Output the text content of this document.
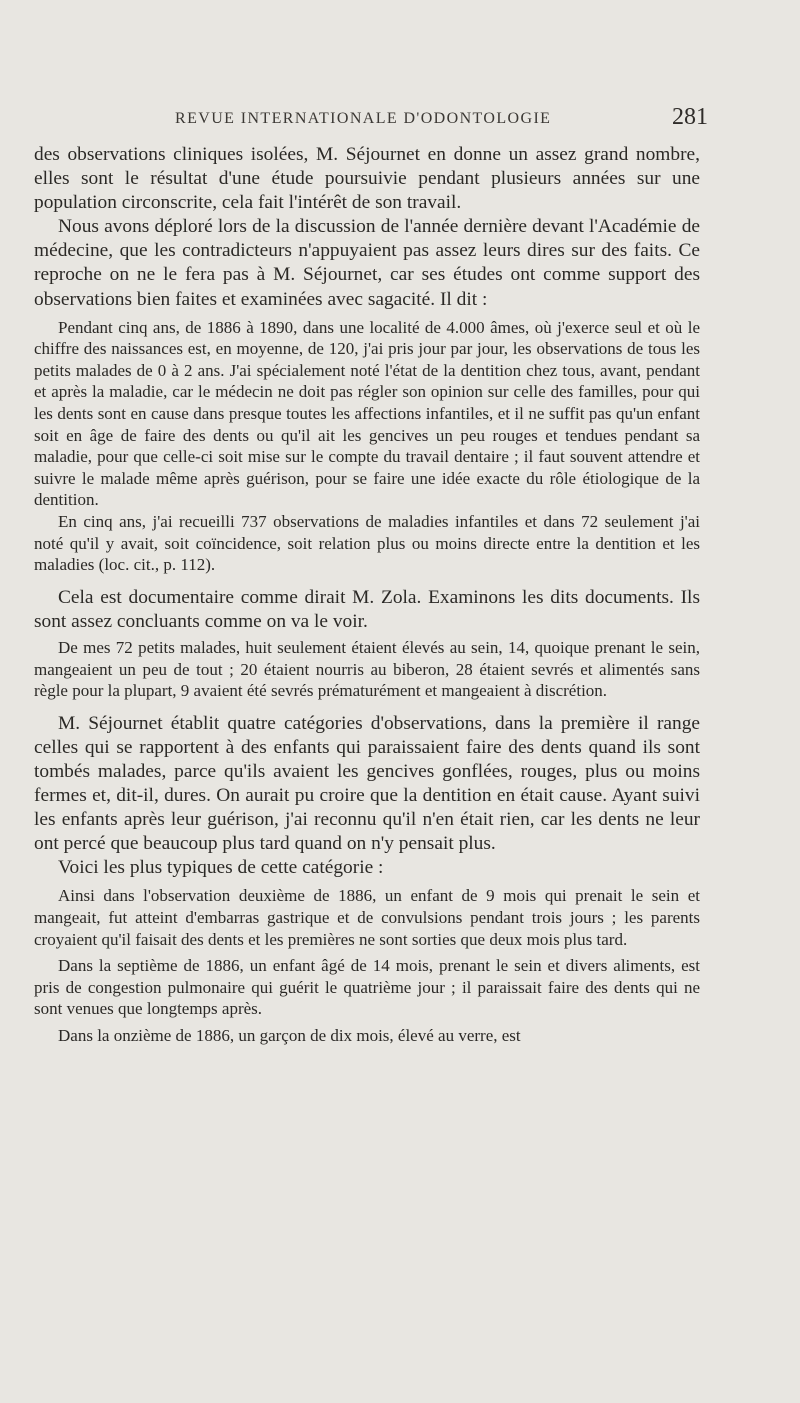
REVUE INTERNATIONALE D'ODONTOLOGIE	281

des observations cliniques isolées, M. Séjournet en donne un assez grand nombre, elles sont le résultat d'une étude poursuivie pendant plusieurs années sur une population circonscrite, cela fait l'intérêt de son travail.

Nous avons déploré lors de la discussion de l'année dernière devant l'Académie de médecine, que les contradicteurs n'appuyaient pas assez leurs dires sur des faits. Ce reproche on ne le fera pas à M. Séjournet, car ses études ont comme support des observations bien faites et examinées avec sagacité. Il dit :

Pendant cinq ans, de 1886 à 1890, dans une localité de 4.000 âmes, où j'exerce seul et où le chiffre des naissances est, en moyenne, de 120, j'ai pris jour par jour, les observations de tous les petits malades de 0 à 2 ans. J'ai spécialement noté l'état de la dentition chez tous, avant, pendant et après la maladie, car le médecin ne doit pas régler son opinion sur celle des familles, pour qui les dents sont en cause dans presque toutes les affections infantiles, et il ne suffit pas qu'un enfant soit en âge de faire des dents ou qu'il ait les gencives un peu rouges et tendues pendant sa maladie, pour que celle-ci soit mise sur le compte du travail dentaire ; il faut souvent attendre et suivre le malade même après guérison, pour se faire une idée exacte du rôle étiologique de la dentition.

En cinq ans, j'ai recueilli 737 observations de maladies infantiles et dans 72 seulement j'ai noté qu'il y avait, soit coïncidence, soit relation plus ou moins directe entre la dentition et les maladies (loc. cit., p. 112).

Cela est documentaire comme dirait M. Zola. Examinons les dits documents. Ils sont assez concluants comme on va le voir.

De mes 72 petits malades, huit seulement étaient élevés au sein, 14, quoique prenant le sein, mangeaient un peu de tout ; 20 étaient nourris au biberon, 28 étaient sevrés et alimentés sans règle pour la plupart, 9 avaient été sevrés prématurément et mangeaient à discrétion.

M. Séjournet établit quatre catégories d'observations, dans la première il range celles qui se rapportent à des enfants qui paraissaient faire des dents quand ils sont tombés malades, parce qu'ils avaient les gencives gonflées, rouges, plus ou moins fermes et, dit-il, dures. On aurait pu croire que la dentition en était cause. Ayant suivi les enfants après leur guérison, j'ai reconnu qu'il n'en était rien, car les dents ne leur ont percé que beaucoup plus tard quand on n'y pensait plus.

Voici les plus typiques de cette catégorie :

Ainsi dans l'observation deuxième de 1886, un enfant de 9 mois qui prenait le sein et mangeait, fut atteint d'embarras gastrique et de convulsions pendant trois jours ; les parents croyaient qu'il faisait des dents et les premières ne sont sorties que deux mois plus tard.

Dans la septième de 1886, un enfant âgé de 14 mois, prenant le sein et divers aliments, est pris de congestion pulmonaire qui guérit le quatrième jour ; il paraissait faire des dents qui ne sont venues que longtemps après.

Dans la onzième de 1886, un garçon de dix mois, élevé au verre, est
